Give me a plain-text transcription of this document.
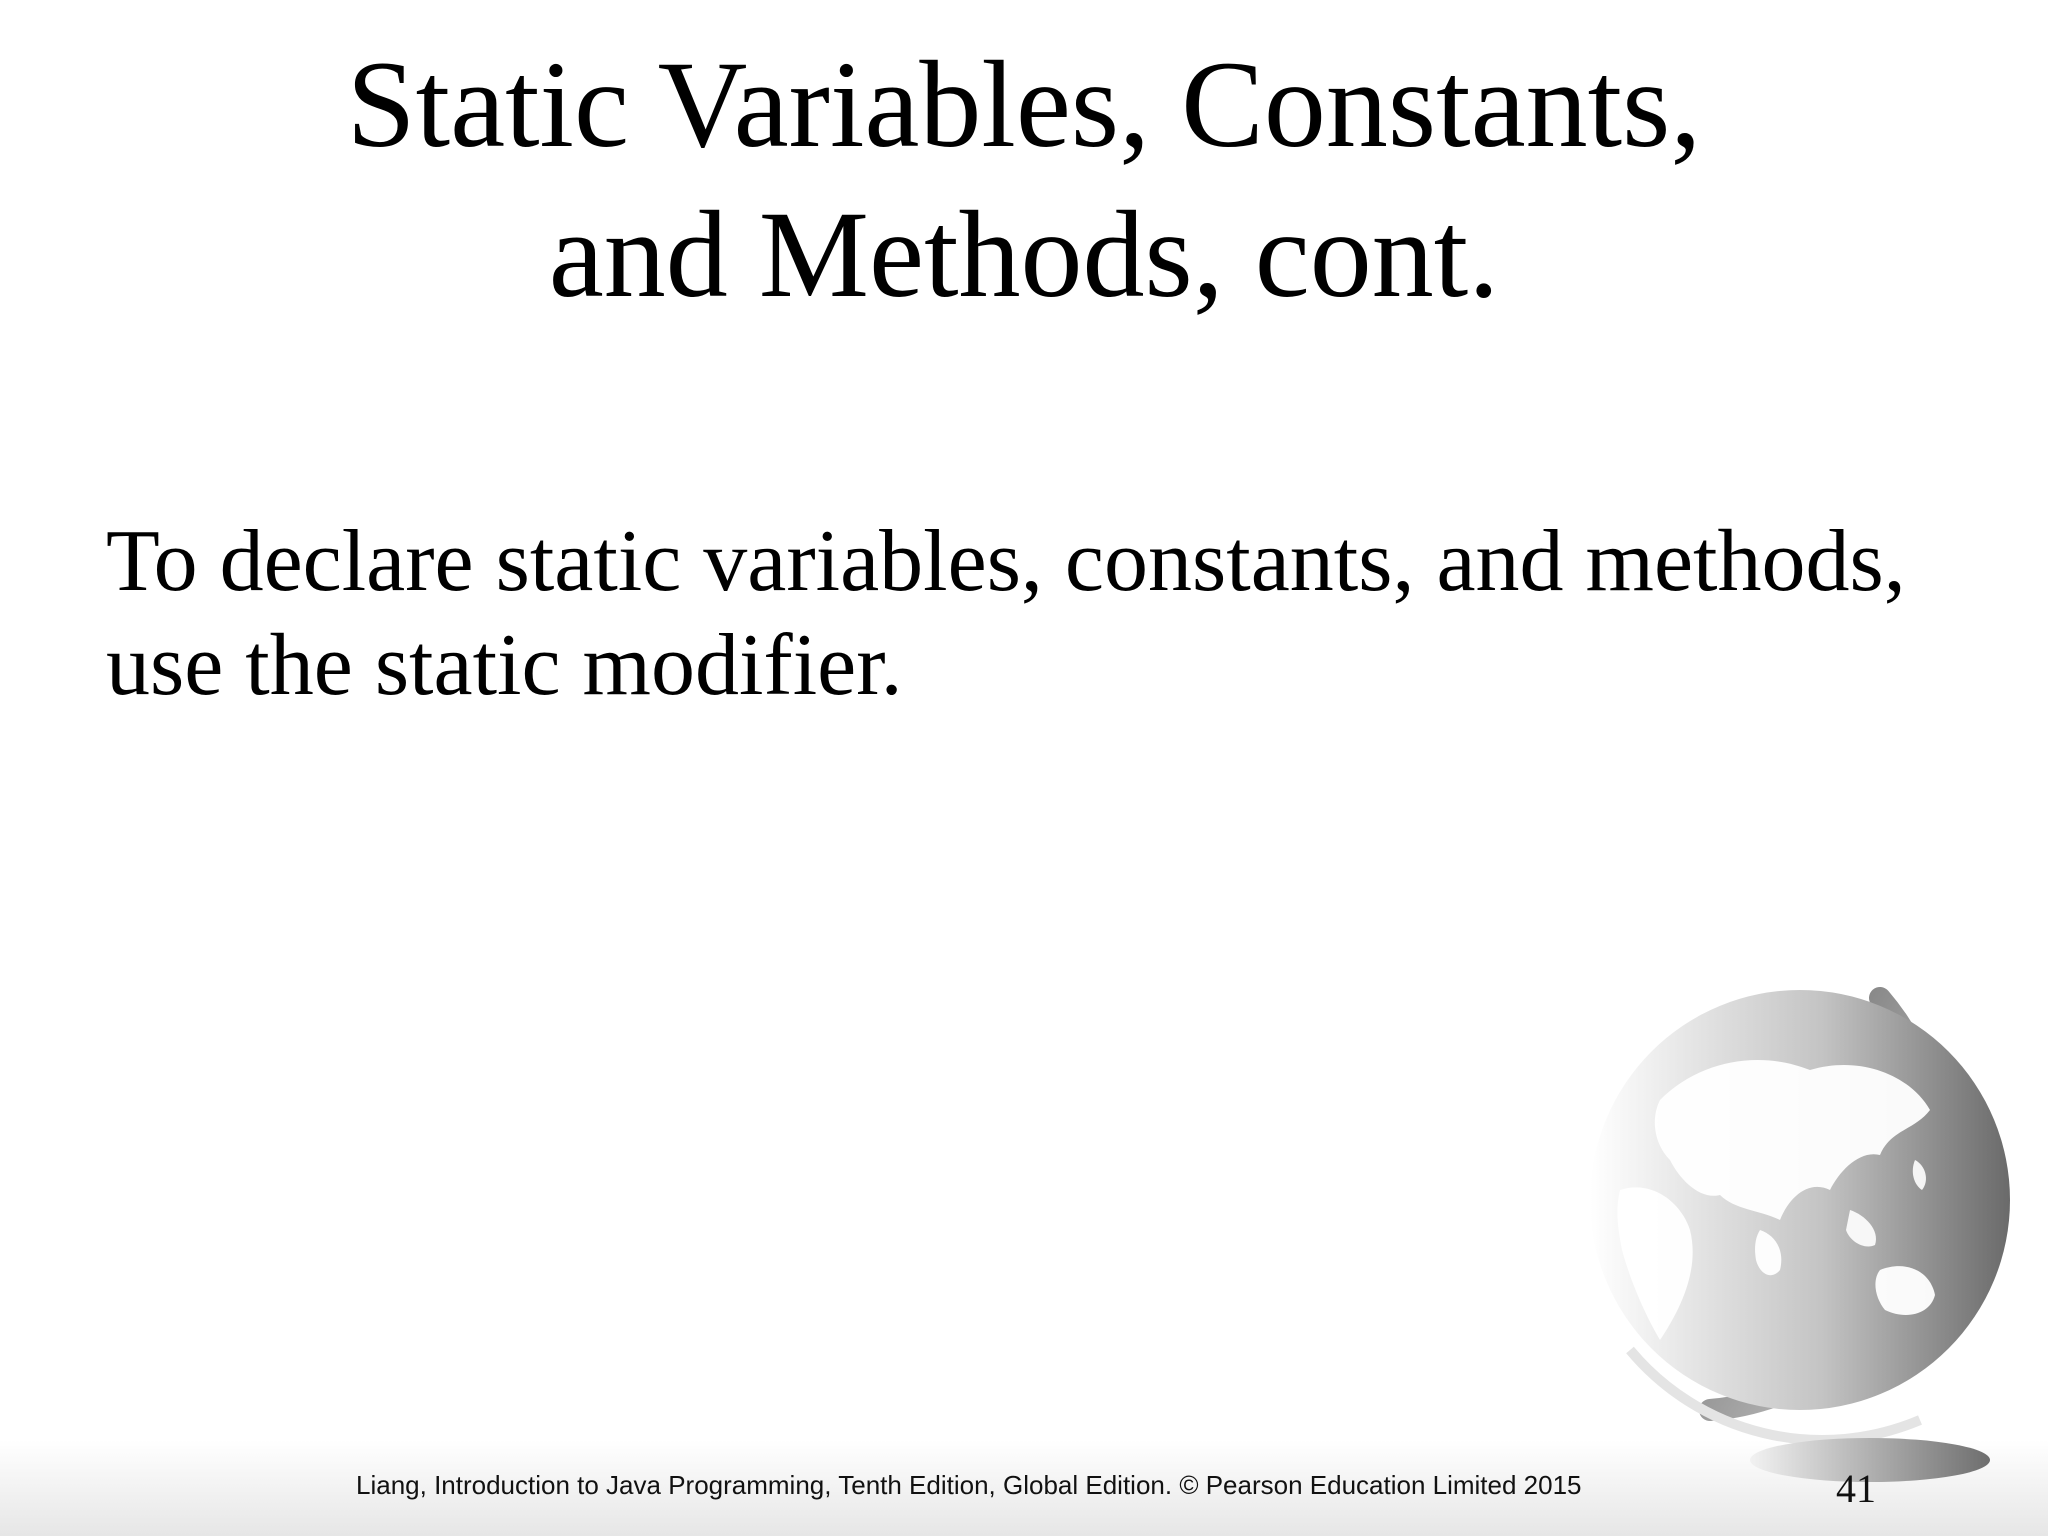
Static Variables, Constants,
and Methods, cont.
To declare static variables, constants, and methods,
use the static modifier.
Liang, Introduction to Java Programming, Tenth Edition, Global Edition. © Pearson Education Limited 2015	41
